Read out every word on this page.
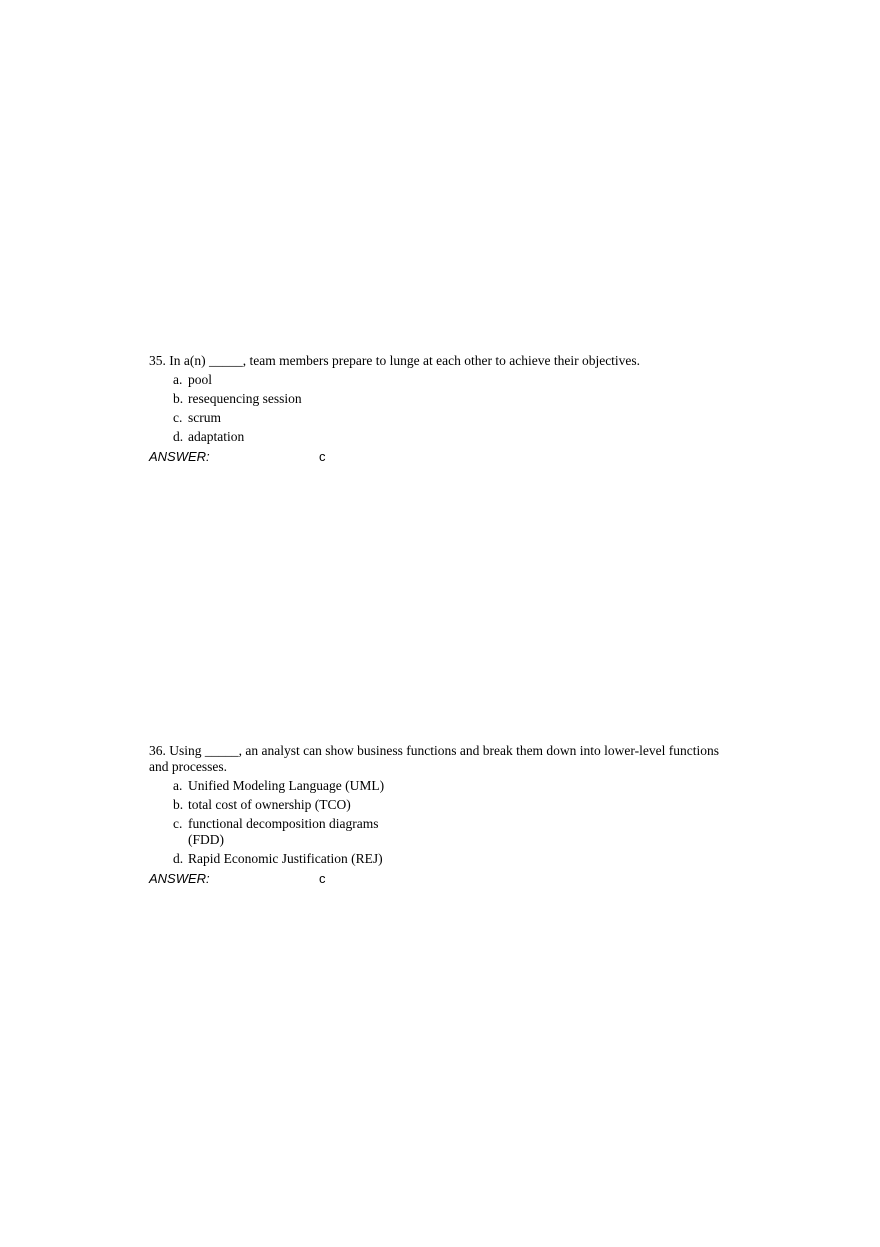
35. In a(n) _____, team members prepare to lunge at each other to achieve their objectives.

a. pool
b. resequencing session
c. scrum
d. adaptation
ANSWER:	c

36. Using _____, an analyst can show business functions and break them down into lower-level functions and processes.

a. Unified Modeling Language (UML)
b. total cost of ownership (TCO)
c. functional decomposition diagrams (FDD)
d. Rapid Economic Justification (REJ)
ANSWER:	c
